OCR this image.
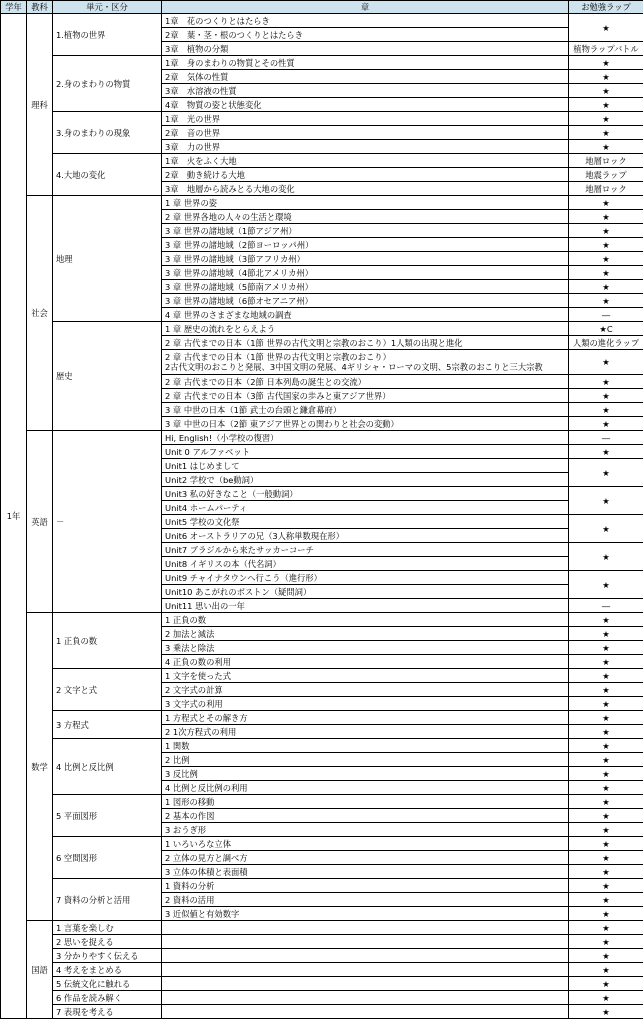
学年	教科	単元・区分	章	お勉強ラップ
1年	理科	1.植物の世界	1章　花のつくりとはたらき	★
			2章　葉・茎・根のつくりとはたらき	
			3章　植物の分類	植物ラップバトル
		2.身のまわりの物質	1章　身のまわりの物質とその性質	★
			2章　気体の性質	★
			3章　水溶液の性質	★
			4章　物質の姿と状態変化	★
		3.身のまわりの現象	1章　光の世界	★
			2章　音の世界	★
			3章　力の世界	★
		4.大地の変化	1章　火をふく大地	地層ロック
			2章　動き続ける大地	地震ラップ
			3章　地層から読みとる大地の変化	地層ロック
	社会	地理	1 章 世界の姿	★
			2 章 世界各地の人々の生活と環境	★
			3 章 世界の諸地域（1節アジア州）	★
			3 章 世界の諸地域（2節ヨーロッパ州）	★
			3 章 世界の諸地域（3節アフリカ州）	★
			3 章 世界の諸地域（4節北アメリカ州）	★
			3 章 世界の諸地域（5節南アメリカ州）	★
			3 章 世界の諸地域（6節オセアニア州）	★
			4 章 世界のさまざまな地域の調査	―
		歴史	1 章 歴史の流れをとらえよう	★C
			2 章 古代までの日本（1節 世界の古代文明と宗教のおこり）1人類の出現と進化	人類の進化ラップ
			2 章 古代までの日本（1節 世界の古代文明と宗教のおこり）
2古代文明のおこりと発展、3中国文明の発展、4ギリシャ・ローマの文明、5宗教のおこりと三大宗教	★
			2 章 古代までの日本（2節 日本列島の誕生との交流）	★
			2 章 古代までの日本（3節 古代国家の歩みと東アジア世界）	★
			3 章 中世の日本（1節 武士の台頭と鎌倉幕府）	★
			3 章 中世の日本（2節 東アジア世界との関わりと社会の変動）	★
	英語	－	Hi, English!（小学校の復習）	―
			Unit 0 アルファベット	★
			Unit1 はじめまして	★
			Unit2 学校で（be動詞）	
			Unit3 私の好きなこと（一般動詞）	★
			Unit4 ホームパーティ	
			Unit5 学校の文化祭	★
			Unit6 オーストラリアの兄（3人称単数現在形）	
			Unit7 ブラジルから来たサッカーコーチ	★
			Unit8 イギリスの本（代名詞）	
			Unit9 チャイナタウンへ行こう（進行形）	★
			Unit10 あこがれのボストン（疑問詞）	
			Unit11 思い出の一年	―
	数学	1 正負の数	1 正負の数	★
			2 加法と減法	★
			3 乗法と除法	★
			4 正負の数の利用	★
		2 文字と式	1 文字を使った式	★
			2 文字式の計算	★
			3 文字式の利用	★
		3 方程式	1 方程式とその解き方	★
			2 1次方程式の利用	★
		4 比例と反比例	1 関数	★
			2 比例	★
			3 反比例	★
			4 比例と反比例の利用	★
		5 平面図形	1 図形の移動	★
			2 基本の作図	★
			3 おうぎ形	★
		6 空間図形	1 いろいろな立体	★
			2 立体の見方と調べ方	★
			3 立体の体積と表面積	★
		7 資料の分析と活用	1 資料の分析	★
			2 資料の活用	★
			3 近似値と有効数字	★
	国語	1 言葉を楽しむ		★
		2 思いを捉える		★
		3 分かりやすく伝える		★
		4 考えをまとめる		★
		5 伝統文化に触れる		★
		6 作品を読み解く		★
		7 表現を考える		★
